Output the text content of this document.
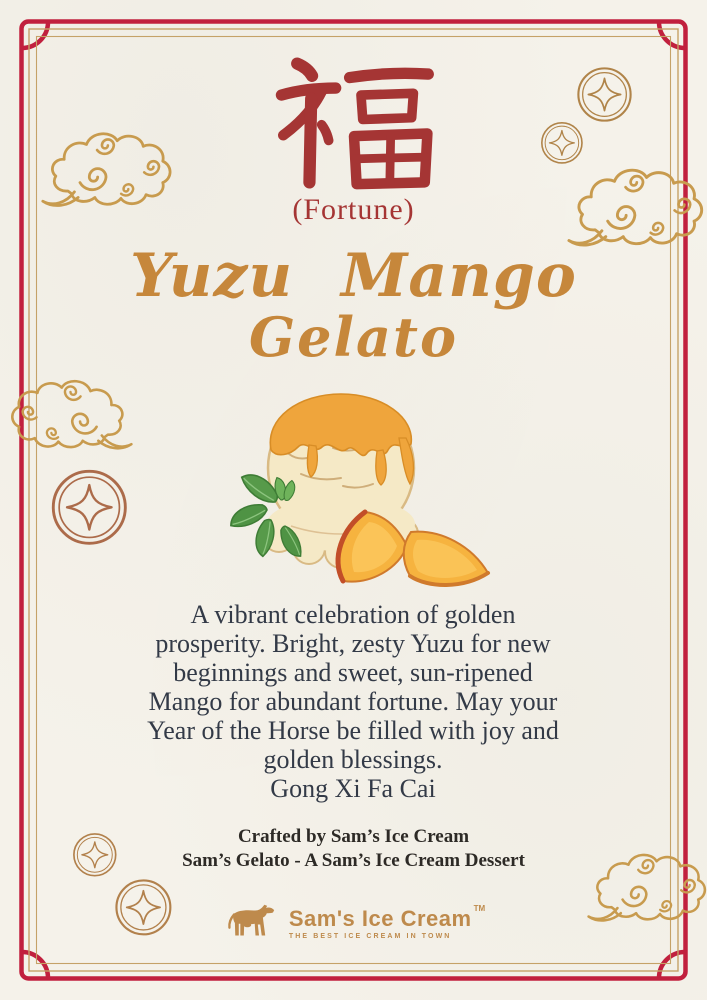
(Fortune)
Yuzu Mango
Gelato
A vibrant celebration of golden
prosperity. Bright, zesty Yuzu for new
beginnings and sweet, sun-ripened
Mango for abundant fortune. May your
Year of the Horse be filled with joy and
golden blessings.
Gong Xi Fa Cai
Crafted by Sam’s Ice Cream
Sam’s Gelato - A Sam’s Ice Cream Dessert
Sam's Ice Cream TM
THE BEST ICE CREAM IN TOWN
